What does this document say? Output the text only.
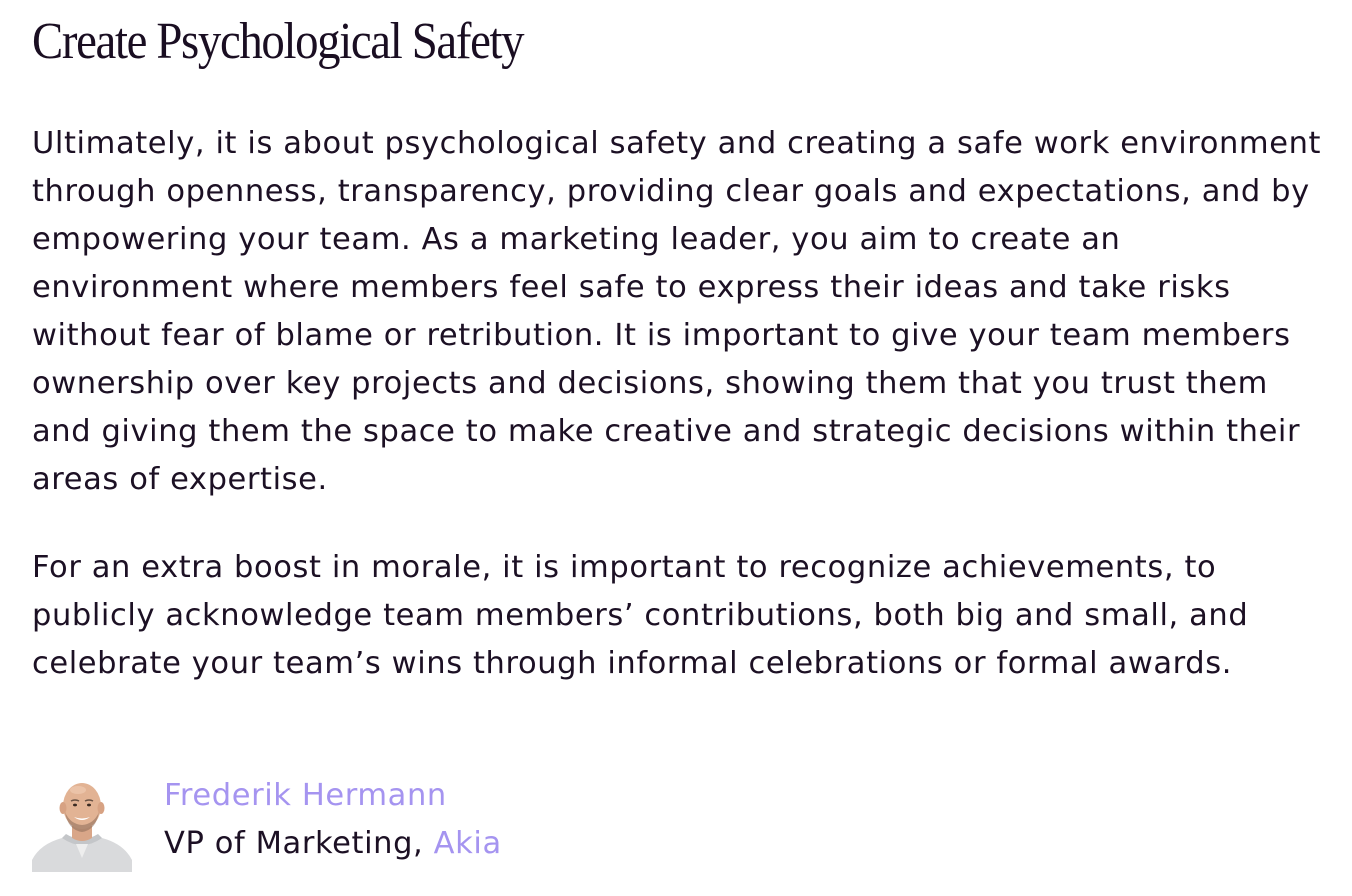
Create Psychological Safety

Ultimately, it is about psychological safety and creating a safe work environment through openness, transparency, providing clear goals and expectations, and by empowering your team. As a marketing leader, you aim to create an environment where members feel safe to express their ideas and take risks without fear of blame or retribution. It is important to give your team members ownership over key projects and decisions, showing them that you trust them and giving them the space to make creative and strategic decisions within their areas of expertise.

For an extra boost in morale, it is important to recognize achievements, to publicly acknowledge team members’ contributions, both big and small, and celebrate your team’s wins through informal celebrations or formal awards.

Frederik Hermann
VP of Marketing, Akia
